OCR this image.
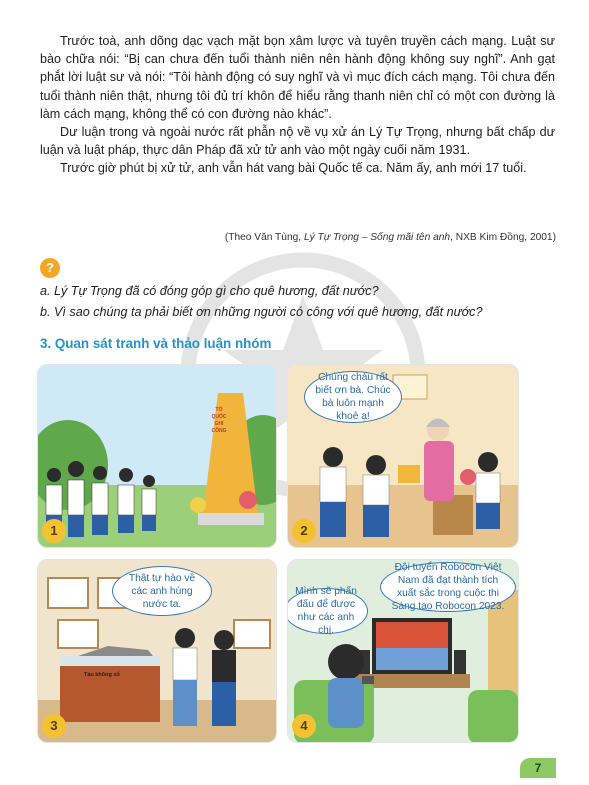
Trước toà, anh dõng dạc vạch mặt bọn xâm lược và tuyên truyền cách mạng. Luật sư bào chữa nói: “Bị can chưa đến tuổi thành niên nên hành động không suy nghĩ”. Anh gạt phắt lời luật sư và nói: “Tôi hành động có suy nghĩ và vì mục đích cách mạng. Tôi chưa đến tuổi thành niên thật, nhưng tôi đủ trí khôn để hiểu rằng thanh niên chỉ có một con đường là làm cách mạng, không thể có con đường nào khác”.

Dư luận trong và ngoài nước rất phẫn nộ về vụ xử án Lý Tự Trọng, nhưng bất chấp dư luận và luật pháp, thực dân Pháp đã xử tử anh vào một ngày cuối năm 1931.

Trước giờ phút bị xử tử, anh vẫn hát vang bài Quốc tế ca. Năm ấy, anh mới 17 tuổi.

(Theo Văn Tùng, Lý Tự Trọng – Sống mãi tên anh, NXB Kim Đồng, 2001)
?
a. Lý Tự Trọng đã có đóng góp gì cho quê hương, đất nước?
b. Vì sao chúng ta phải biết ơn những người có công với quê hương, đất nước?
3. Quan sát tranh và thảo luận nhóm
TỔ QUỐC GHI CÔNG
1
Chúng cháu rất biết ơn bà. Chúc bà luôn mạnh khoẻ ạ!
2
Tàu không số
Thật tự hào về các anh hùng nước ta.
3
Đội tuyển Robocon Việt Nam đã đạt thành tích xuất sắc trong cuộc thi Sáng tạo Robocon 2023.
Mình sẽ phấn đấu để được như các anh chị.
4
7
